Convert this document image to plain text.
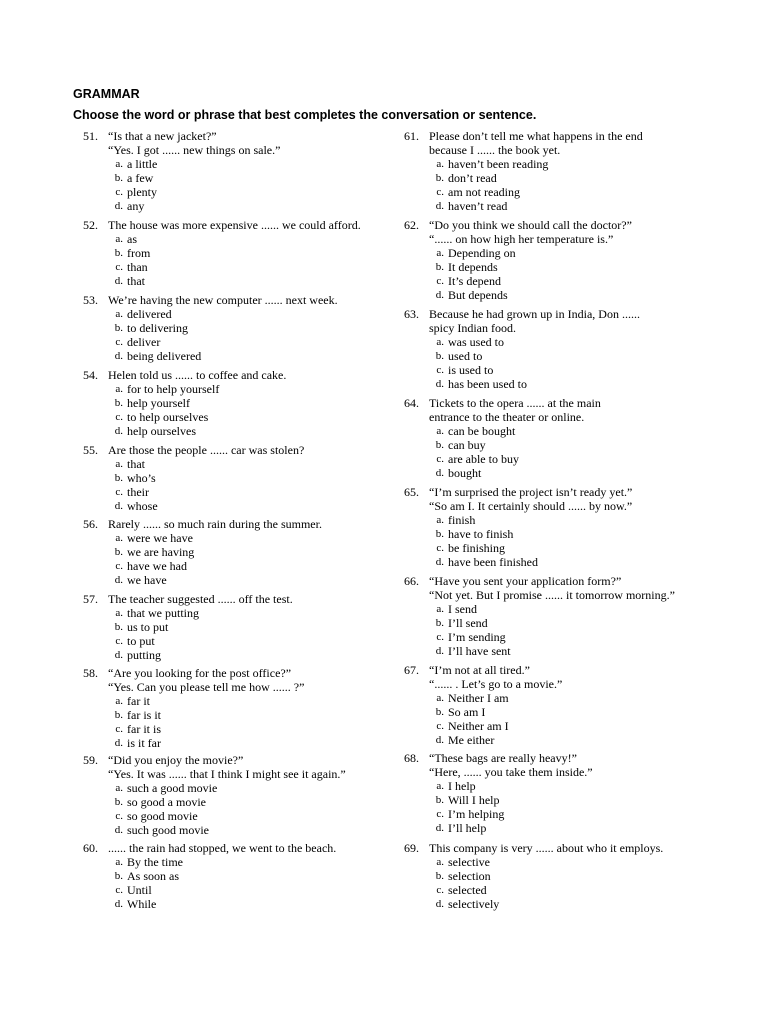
GRAMMAR
Choose the word or phrase that best completes the conversation or sentence.
51. “Is that a new jacket?”
“Yes. I got ...... new things on sale.”
a. a little
b. a few
c. plenty
d. any
52. The house was more expensive ...... we could afford.
a. as
b. from
c. than
d. that
53. We’re having the new computer ...... next week.
a. delivered
b. to delivering
c. deliver
d. being delivered
54. Helen told us ...... to coffee and cake.
a. for to help yourself
b. help yourself
c. to help ourselves
d. help ourselves
55. Are those the people ...... car was stolen?
a. that
b. who’s
c. their
d. whose
56. Rarely ...... so much rain during the summer.
a. were we have
b. we are having
c. have we had
d. we have
57. The teacher suggested ...... off the test.
a. that we putting
b. us to put
c. to put
d. putting
58. “Are you looking for the post office?”
“Yes. Can you please tell me how ...... ?”
a. far it
b. far is it
c. far it is
d. is it far
59. “Did you enjoy the movie?”
“Yes. It was ...... that I think I might see it again.”
a. such a good movie
b. so good a movie
c. so good movie
d. such good movie
60. ...... the rain had stopped, we went to the beach.
a. By the time
b. As soon as
c. Until
d. While
61. Please don’t tell me what happens in the end
because I ...... the book yet.
a. haven’t been reading
b. don’t read
c. am not reading
d. haven’t read
62. “Do you think we should call the doctor?”
“...... on how high her temperature is.”
a. Depending on
b. It depends
c. It’s depend
d. But depends
63. Because he had grown up in India, Don ......
spicy Indian food.
a. was used to
b. used to
c. is used to
d. has been used to
64. Tickets to the opera ...... at the main
entrance to the theater or online.
a. can be bought
b. can buy
c. are able to buy
d. bought
65. “I’m surprised the project isn’t ready yet.”
“So am I. It certainly should ...... by now.”
a. finish
b. have to finish
c. be finishing
d. have been finished
66. “Have you sent your application form?”
“Not yet. But I promise ...... it tomorrow morning.”
a. I send
b. I’ll send
c. I’m sending
d. I’ll have sent
67. “I’m not at all tired.”
“...... . Let’s go to a movie.”
a. Neither I am
b. So am I
c. Neither am I
d. Me either
68. “These bags are really heavy!”
“Here, ...... you take them inside.”
a. I help
b. Will I help
c. I’m helping
d. I’ll help
69. This company is very ...... about who it employs.
a. selective
b. selection
c. selected
d. selectively
